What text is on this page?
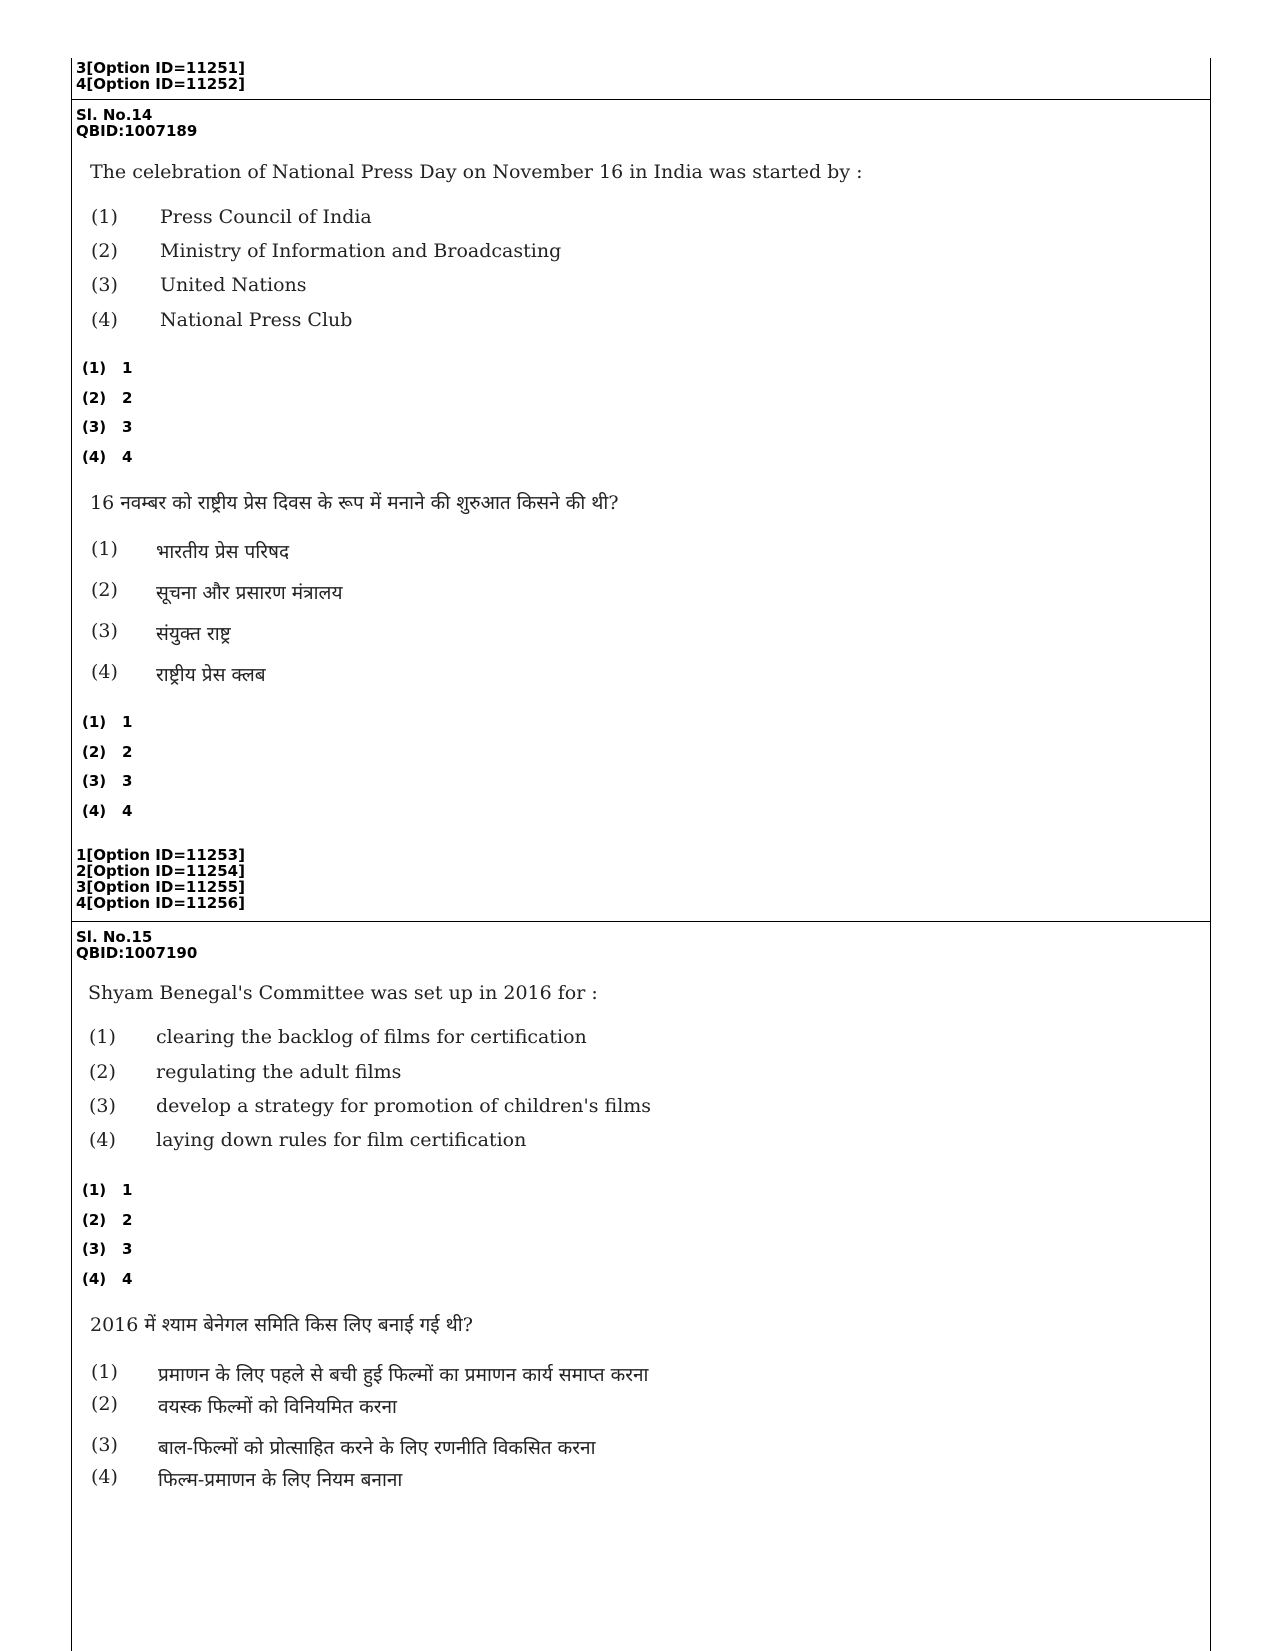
3[Option ID=11251]
4[Option ID=11252]
Sl. No.14
QBID:1007189
The celebration of National Press Day on November 16 in India was started by :
(1) Press Council of India
(2) Ministry of Information and Broadcasting
(3) United Nations
(4) National Press Club
(1) 1
(2) 2
(3) 3
(4) 4
16 नवम्बर को राष्ट्रीय प्रेस दिवस के रूप में मनाने की शुरुआत किसने की थी?
(1) भारतीय प्रेस परिषद
(2) सूचना और प्रसारण मंत्रालय
(3) संयुक्त राष्ट्र
(4) राष्ट्रीय प्रेस क्लब
(1) 1
(2) 2
(3) 3
(4) 4
1[Option ID=11253]
2[Option ID=11254]
3[Option ID=11255]
4[Option ID=11256]
Sl. No.15
QBID:1007190
Shyam Benegal's Committee was set up in 2016 for :
(1) clearing the backlog of films for certification
(2) regulating the adult films
(3) develop a strategy for promotion of children's films
(4) laying down rules for film certification
(1) 1
(2) 2
(3) 3
(4) 4
2016 में श्याम बेनेगल समिति किस लिए बनाई गई थी?
(1) प्रमाणन के लिए पहले से बची हुई फिल्मों का प्रमाणन कार्य समाप्त करना
(2) वयस्क फिल्मों को विनियमित करना
(3) बाल-फिल्मों को प्रोत्साहित करने के लिए रणनीति विकसित करना
(4) फिल्म-प्रमाणन के लिए नियम बनाना
